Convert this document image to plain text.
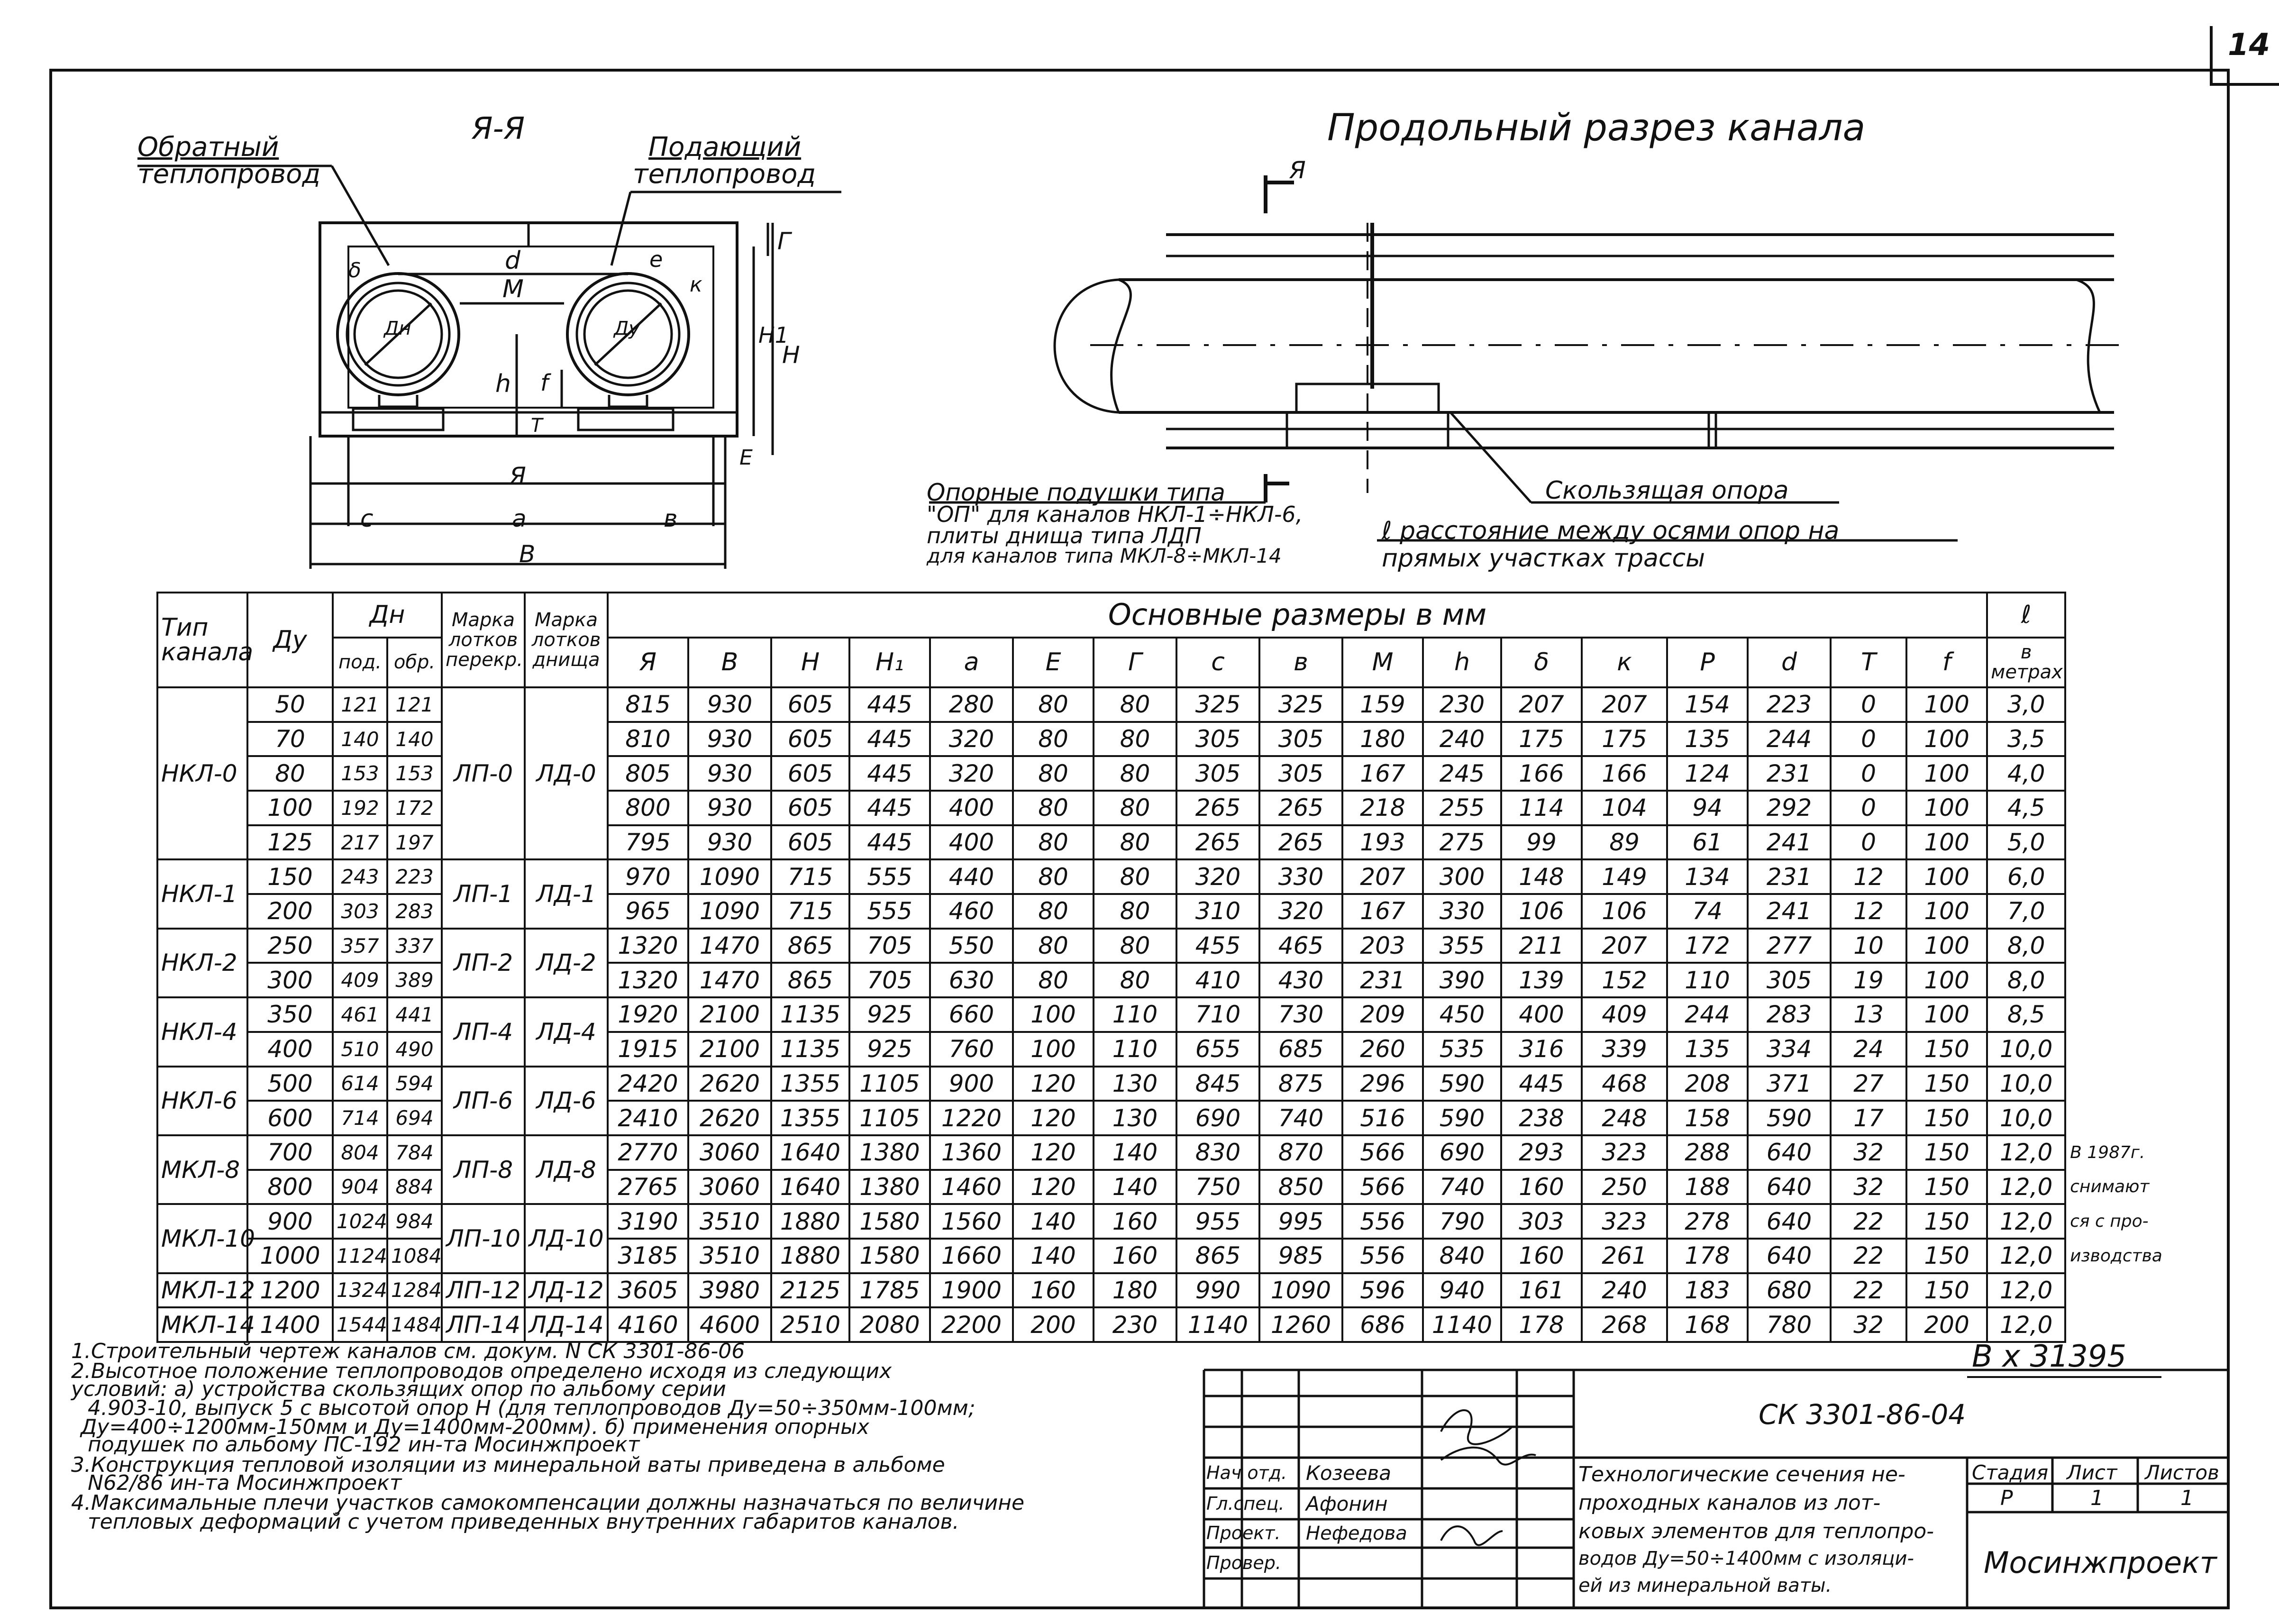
14
Я-Я
Обратный
теплопровод
Подающий
теплопровод
d
M
h f
T
Г
H1
H
E
δ	e
к
Дн	Ду
Я
c	a	в
В
Продольный разрез канала
Я
Опорные подушки типа
"ОП" для каналов НКЛ-1÷НКЛ-6,
плиты днища типа ЛДП
для каналов типа МКЛ-8÷МКЛ-14
Скользящая опора
ℓ расстояние между осями опор на
прямых участках трассы
Тип канала	Ду	Дн		Марка лотков перекр.	Марка лотков днища	Основные размеры в мм																	ℓ	
		под.	обр.			Я	В	Н	Н₁	а	Е	Г	с	в	М	h	δ	к	Р	d	Т	f	в метрах	
НКЛ-0	50	121	121	ЛП-0	ЛД-0	815	930	605	445	280	80	80	325	325	159	230	207	207	154	223	0	100	3,0	
	70	140	140			810	930	605	445	320	80	80	305	305	180	240	175	175	135	244	0	100	3,5	
	80	153	153			805	930	605	445	320	80	80	305	305	167	245	166	166	124	231	0	100	4,0	
	100	192	172			800	930	605	445	400	80	80	265	265	218	255	114	104	94	292	0	100	4,5	
	125	217	197			795	930	605	445	400	80	80	265	265	193	275	99	89	61	241	0	100	5,0	
НКЛ-1	150	243	223	ЛП-1	ЛД-1	970	1090	715	555	440	80	80	320	330	207	300	148	149	134	231	12	100	6,0	
	200	303	283			965	1090	715	555	460	80	80	310	320	167	330	106	106	74	241	12	100	7,0	
НКЛ-2	250	357	337	ЛП-2	ЛД-2	1320	1470	865	705	550	80	80	455	465	203	355	211	207	172	277	10	100	8,0	
	300	409	389			1320	1470	865	705	630	80	80	410	430	231	390	139	152	110	305	19	100	8,0	
НКЛ-4	350	461	441	ЛП-4	ЛД-4	1920	2100	1135	925	660	100	110	710	730	209	450	400	409	244	283	13	100	8,5	
	400	510	490			1915	2100	1135	925	760	100	110	655	685	260	535	316	339	135	334	24	150	10,0	
НКЛ-6	500	614	594	ЛП-6	ЛД-6	2420	2620	1355	1105	900	120	130	845	875	296	590	445	468	208	371	27	150	10,0	
	600	714	694			2410	2620	1355	1105	1220	120	130	690	740	516	590	238	248	158	590	17	150	10,0	
МКЛ-8	700	804	784	ЛП-8	ЛД-8	2770	3060	1640	1380	1360	120	140	830	870	566	690	293	323	288	640	32	150	12,0	В 1987г.
	800	904	884			2765	3060	1640	1380	1460	120	140	750	850	566	740	160	250	188	640	32	150	12,0	снимают
МКЛ-10	900	1024	984	ЛП-10	ЛД-10	3190	3510	1880	1580	1560	140	160	955	995	556	790	303	323	278	640	22	150	12,0	ся с про-
	1000	1124	1084			3185	3510	1880	1580	1660	140	160	865	985	556	840	160	261	178	640	22	150	12,0	изводства
МКЛ-12	1200	1324	1284	ЛП-12	ЛД-12	3605	3980	2125	1785	1900	160	180	990	1090	596	940	161	240	183	680	22	150	12,0	
МКЛ-14	1400	1544	1484	ЛП-14	ЛД-14	4160	4600	2510	2080	2200	200	230	1140	1260	686	1140	178	268	168	780	32	200	12,0	
В х 31395
1.Строительный чертеж каналов см. докум. N СК 3301-86-06
2.Высотное положение теплопроводов определено исходя из следующих
условий: а) устройства скользящих опор по альбому серии
4.903-10, выпуск 5 с высотой опор Н (для теплопроводов Ду=50÷350мм-100мм;
Ду=400÷1200мм-150мм и Ду=1400мм-200мм). б) применения опорных
подушек по альбому ПС-192 ин-та Мосинжпроект
3.Конструкция тепловой изоляции из минеральной ваты приведена в альбоме
N62/86 ин-та Мосинжпроект
4.Максимальные плечи участков самокомпенсации должны назначаться по величине
тепловых деформаций с учетом приведенных внутренних габаритов каналов.
СК 3301-86-04
Нач отд.
Гл.спец.
Проект.
Провер.
Козеева
Афонин
Нефедова
Технологические сечения не-
проходных каналов из лот-
ковых элементов для теплопро-
водов Ду=50÷1400мм с изоляци-
ей из минеральной ваты.
Стадия Лист Листов
Р	1	1
Мосинжпроект
